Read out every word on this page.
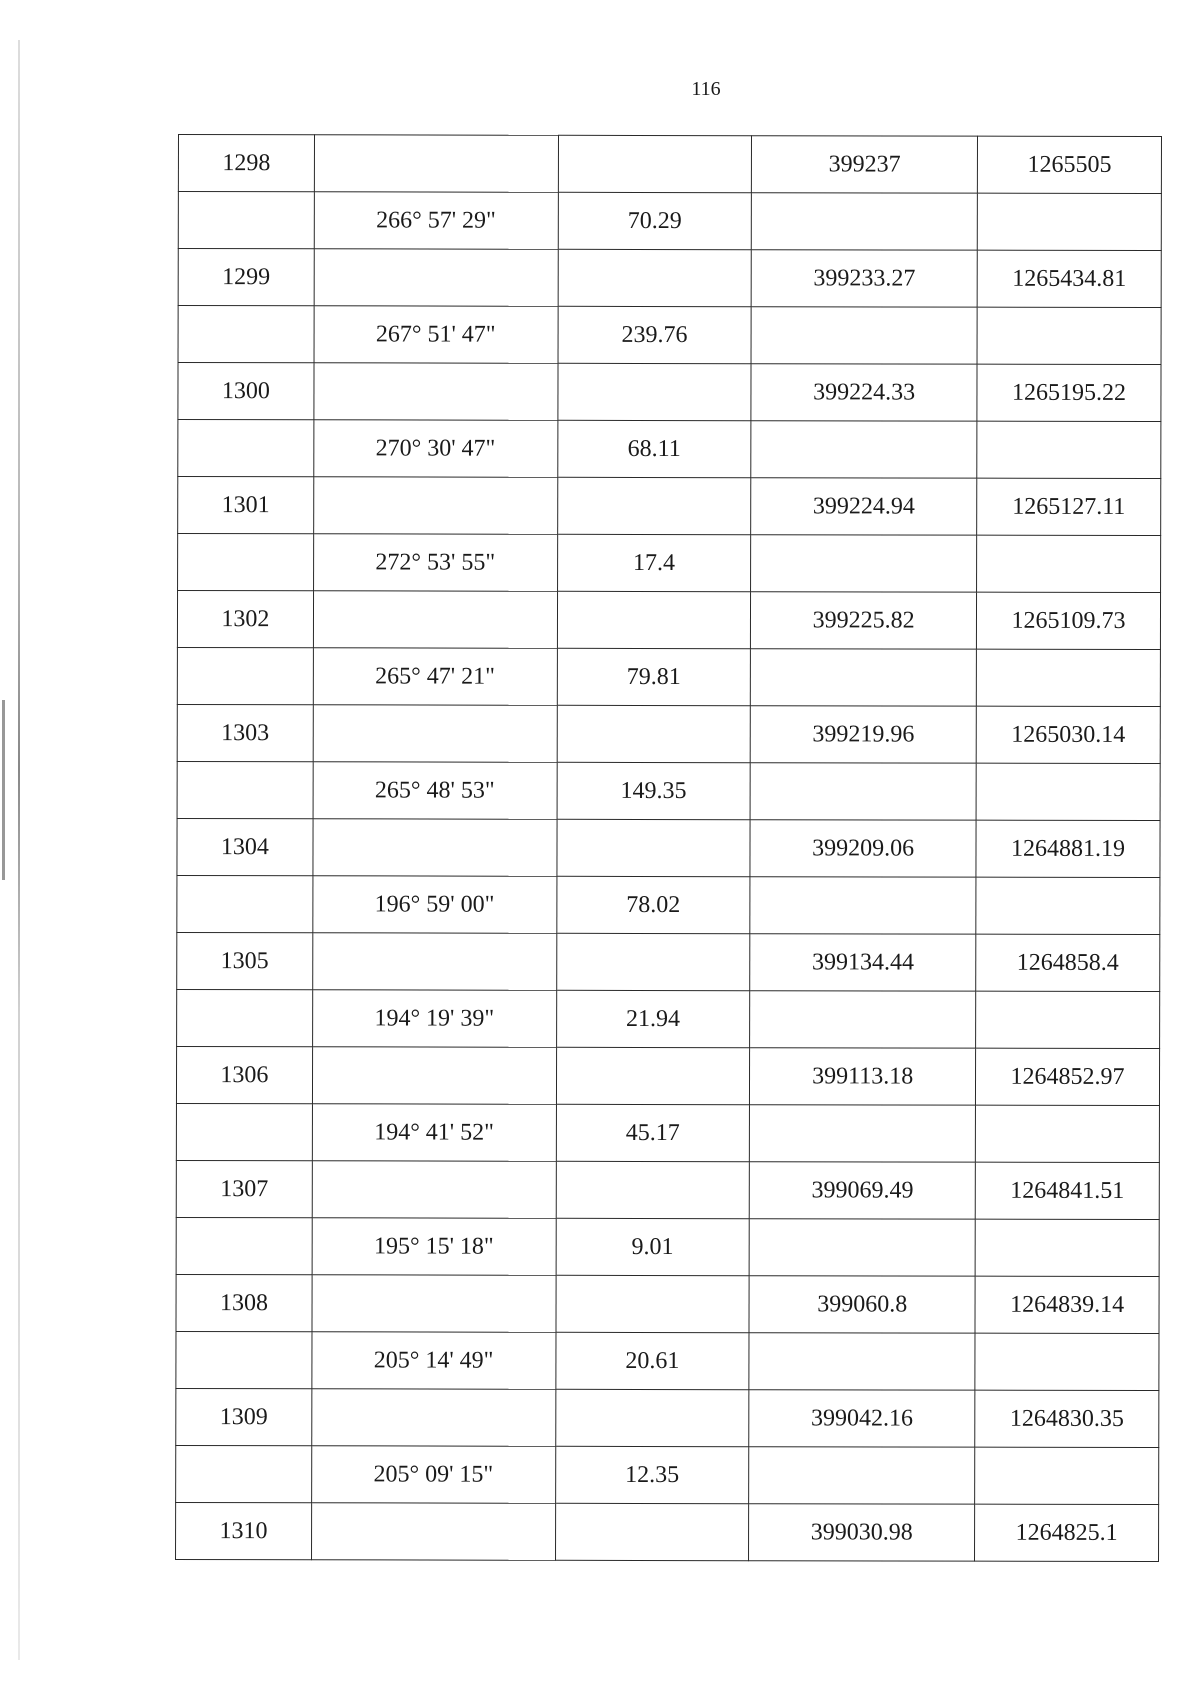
116
1298			399237	1265505
	266° 57' 29"	70.29		
1299			399233.27	1265434.81
	267° 51' 47"	239.76		
1300			399224.33	1265195.22
	270° 30' 47"	68.11		
1301			399224.94	1265127.11
	272° 53' 55"	17.4		
1302			399225.82	1265109.73
	265° 47' 21"	79.81		
1303			399219.96	1265030.14
	265° 48' 53"	149.35		
1304			399209.06	1264881.19
	196° 59' 00"	78.02		
1305			399134.44	1264858.4
	194° 19' 39"	21.94		
1306			399113.18	1264852.97
	194° 41' 52"	45.17		
1307			399069.49	1264841.51
	195° 15' 18"	9.01		
1308			399060.8	1264839.14
	205° 14' 49"	20.61		
1309			399042.16	1264830.35
	205° 09' 15"	12.35		
1310			399030.98	1264825.1
